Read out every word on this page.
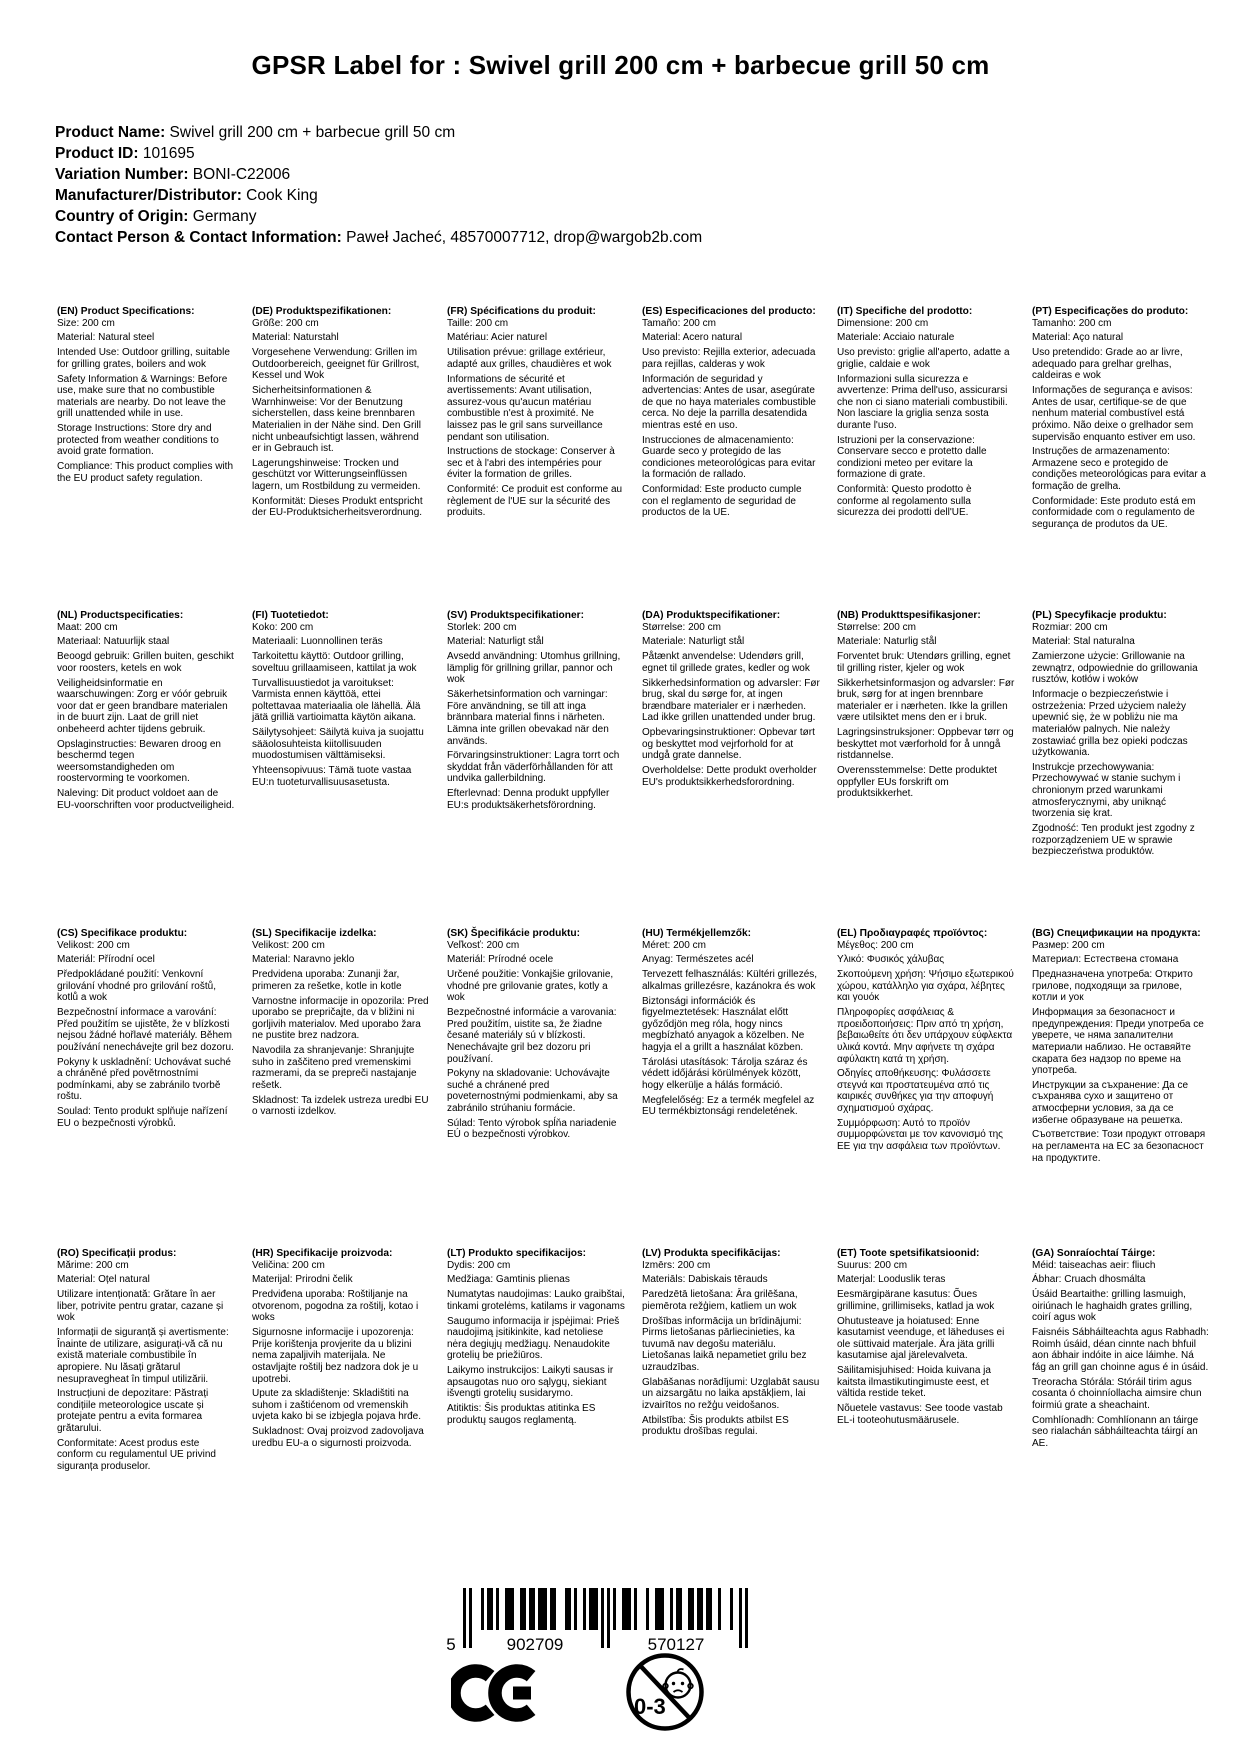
GPSR Label for : Swivel grill 200 cm + barbecue grill 50 cm
Product Name: Swivel grill 200 cm + barbecue grill 50 cm
Product ID: 101695
Variation Number: BONI-C22006
Manufacturer/Distributor: Cook King
Country of Origin: Germany
Contact Person & Contact Information: Paweł Jacheć, 48570007712, drop@wargob2b.com
(EN) Product Specifications:

Size: 200 cm

Material: Natural steel

Intended Use: Outdoor grilling, suitable for grilling grates, boilers and wok

Safety Information & Warnings: Before use, make sure that no combustible materials are nearby. Do not leave the grill unattended while in use.

Storage Instructions: Store dry and protected from weather conditions to avoid grate formation.

Compliance: This product complies with the EU product safety regulation.

(DE) Produktspezifikationen:

Größe: 200 cm

Material: Naturstahl

Vorgesehene Verwendung: Grillen im Outdoorbereich, geeignet für Grillrost, Kessel und Wok

Sicherheitsinformationen & Warnhinweise: Vor der Benutzung sicherstellen, dass keine brennbaren Materialien in der Nähe sind. Den Grill nicht unbeaufsichtigt lassen, während er in Gebrauch ist.

Lagerungshinweise: Trocken und geschützt vor Witterungseinflüssen lagern, um Rostbildung zu vermeiden.

Konformität: Dieses Produkt entspricht der EU-Produktsicherheitsverordnung.

(FR) Spécifications du produit:

Taille: 200 cm

Matériau: Acier naturel

Utilisation prévue: grillage extérieur, adapté aux grilles, chaudières et wok

Informations de sécurité et avertissements: Avant utilisation, assurez-vous qu'aucun matériau combustible n'est à proximité. Ne laissez pas le gril sans surveillance pendant son utilisation.

Instructions de stockage: Conserver à sec et à l'abri des intempéries pour éviter la formation de grilles.

Conformité: Ce produit est conforme au règlement de l'UE sur la sécurité des produits.

(ES) Especificaciones del producto:

Tamaño: 200 cm

Material: Acero natural

Uso previsto: Rejilla exterior, adecuada para rejillas, calderas y wok

Información de seguridad y advertencias: Antes de usar, asegúrate de que no haya materiales combustible cerca. No deje la parrilla desatendida mientras esté en uso.

Instrucciones de almacenamiento: Guarde seco y protegido de las condiciones meteorológicas para evitar la formación de rallado.

Conformidad: Este producto cumple con el reglamento de seguridad de productos de la UE.

(IT) Specifiche del prodotto:

Dimensione: 200 cm

Materiale: Acciaio naturale

Uso previsto: griglie all'aperto, adatte a griglie, caldaie e wok

Informazioni sulla sicurezza e avvertenze: Prima dell'uso, assicurarsi che non ci siano materiali combustibili. Non lasciare la griglia senza sosta durante l'uso.

Istruzioni per la conservazione: Conservare secco e protetto dalle condizioni meteo per evitare la formazione di grate.

Conformità: Questo prodotto è conforme al regolamento sulla sicurezza dei prodotti dell'UE.

(PT) Especificações do produto:

Tamanho: 200 cm

Material: Aço natural

Uso pretendido: Grade ao ar livre, adequado para grelhar grelhas, caldeiras e wok

Informações de segurança e avisos: Antes de usar, certifique-se de que nenhum material combustível está próximo. Não deixe o grelhador sem supervisão enquanto estiver em uso.

Instruções de armazenamento: Armazene seco e protegido de condições meteorológicas para evitar a formação de grelha.

Conformidade: Este produto está em conformidade com o regulamento de segurança de produtos da UE.

(NL) Productspecificaties:

Maat: 200 cm

Materiaal: Natuurlijk staal

Beoogd gebruik: Grillen buiten, geschikt voor roosters, ketels en wok

Veiligheidsinformatie en waarschuwingen: Zorg er vóór gebruik voor dat er geen brandbare materialen in de buurt zijn. Laat de grill niet onbeheerd achter tijdens gebruik.

Opslaginstructies: Bewaren droog en beschermd tegen weersomstandigheden om roostervorming te voorkomen.

Naleving: Dit product voldoet aan de EU-voorschriften voor productveiligheid.

(FI) Tuotetiedot:

Koko: 200 cm

Materiaali: Luonnollinen teräs

Tarkoitettu käyttö: Outdoor grilling, soveltuu grillaamiseen, kattilat ja wok

Turvallisuustiedot ja varoitukset: Varmista ennen käyttöä, ettei poltettavaa materiaalia ole lähellä. Älä jätä grilliä vartioimatta käytön aikana.

Säilytysohjeet: Säilytä kuiva ja suojattu sääolosuhteista kiitollisuuden muodostumisen välttämiseksi.

Yhteensopivuus: Tämä tuote vastaa EU:n tuoteturvallisuusasetusta.

(SV) Produktspecifikationer:

Storlek: 200 cm

Material: Naturligt stål

Avsedd användning: Utomhus grillning, lämplig för grillning grillar, pannor och wok

Säkerhetsinformation och varningar: Före användning, se till att inga brännbara material finns i närheten. Lämna inte grillen obevakad när den används.

Förvaringsinstruktioner: Lagra torrt och skyddat från väderförhållanden för att undvika gallerbildning.

Efterlevnad: Denna produkt uppfyller EU:s produktsäkerhetsförordning.

(DA) Produktspecifikationer:

Størrelse: 200 cm

Materiale: Naturligt stål

Påtænkt anvendelse: Udendørs grill, egnet til grillede grates, kedler og wok

Sikkerhedsinformation og advarsler: Før brug, skal du sørge for, at ingen brændbare materialer er i nærheden. Lad ikke grillen unattended under brug.

Opbevaringsinstruktioner: Opbevar tørt og beskyttet mod vejrforhold for at undgå grate dannelse.

Overholdelse: Dette produkt overholder EU's produktsikkerhedsforordning.

(NB) Produkttspesifikasjoner:

Størrelse: 200 cm

Materiale: Naturlig stål

Forventet bruk: Utendørs grilling, egnet til grilling rister, kjeler og wok

Sikkerhetsinformasjon og advarsler: Før bruk, sørg for at ingen brennbare materialer er i nærheten. Ikke la grillen være utilsiktet mens den er i bruk.

Lagringsinstruksjoner: Oppbevar tørr og beskyttet mot værforhold for å unngå ristdannelse.

Overensstemmelse: Dette produktet oppfyller EUs forskrift om produktsikkerhet.

(PL) Specyfikacje produktu:

Rozmiar: 200 cm

Materiał: Stal naturalna

Zamierzone użycie: Grillowanie na zewnątrz, odpowiednie do grillowania rusztów, kotłów i woków

Informacje o bezpieczeństwie i ostrzeżenia: Przed użyciem należy upewnić się, że w pobliżu nie ma materiałów palnych. Nie należy zostawiać grilla bez opieki podczas użytkowania.

Instrukcje przechowywania: Przechowywać w stanie suchym i chronionym przed warunkami atmosferycznymi, aby uniknąć tworzenia się krat.

Zgodność: Ten produkt jest zgodny z rozporządzeniem UE w sprawie bezpieczeństwa produktów.

(CS) Specifikace produktu:

Velikost: 200 cm

Materiál: Přírodní ocel

Předpokládané použití: Venkovní grilování vhodné pro grilování roštů, kotlů a wok

Bezpečnostní informace a varování: Před použitím se ujistěte, že v blízkosti nejsou žádné hořlavé materiály. Během používání nenechávejte gril bez dozoru.

Pokyny k uskladnění: Uchovávat suché a chráněné před povětrnostními podmínkami, aby se zabránilo tvorbě roštu.

Soulad: Tento produkt splňuje nařízení EU o bezpečnosti výrobků.

(SL) Specifikacije izdelka:

Velikost: 200 cm

Material: Naravno jeklo

Predvidena uporaba: Zunanji žar, primeren za rešetke, kotle in kotle

Varnostne informacije in opozorila: Pred uporabo se prepričajte, da v bližini ni gorljivih materialov. Med uporabo žara ne pustite brez nadzora.

Navodila za shranjevanje: Shranjujte suho in zaščiteno pred vremenskimi razmerami, da se prepreči nastajanje rešetk.

Skladnost: Ta izdelek ustreza uredbi EU o varnosti izdelkov.

(SK) Špecifikácie produktu:

Veľkosť: 200 cm

Materiál: Prírodné ocele

Určené použitie: Vonkajšie grilovanie, vhodné pre grilovanie grates, kotly a wok

Bezpečnostné informácie a varovania: Pred použitím, uistite sa, že žiadne česané materiály sú v blízkosti. Nenechávajte gril bez dozoru pri používaní.

Pokyny na skladovanie: Uchovávajte suché a chránené pred poveternostnými podmienkami, aby sa zabránilo strúhaniu formácie.

Súlad: Tento výrobok spĺňa nariadenie EÚ o bezpečnosti výrobkov.

(HU) Termékjellemzők:

Méret: 200 cm

Anyag: Természetes acél

Tervezett felhasználás: Kültéri grillezés, alkalmas grillezésre, kazánokra és wok

Biztonsági információk és figyelmeztetések: Használat előtt győződjön meg róla, hogy nincs megbízható anyagok a közelben. Ne hagyja el a grillt a használat közben.

Tárolási utasítások: Tárolja száraz és védett időjárási körülmények között, hogy elkerülje a hálás formáció.

Megfelelőség: Ez a termék megfelel az EU termékbiztonsági rendeletének.

(EL) Προδιαγραφές προϊόντος:

Μέγεθος: 200 cm

Υλικό: Φυσικός χάλυβας

Σκοπούμενη χρήση: Ψήσιμο εξωτερικού χώρου, κατάλληλο για σχάρα, λέβητες και γουόκ

Πληροφορίες ασφάλειας & προειδοποιήσεις: Πριν από τη χρήση, βεβαιωθείτε ότι δεν υπάρχουν εύφλεκτα υλικά κοντά. Μην αφήνετε τη σχάρα αφύλακτη κατά τη χρήση.

Οδηγίες αποθήκευσης: Φυλάσσετε στεγνά και προστατευμένα από τις καιρικές συνθήκες για την αποφυγή σχηματισμού σχάρας.

Συμμόρφωση: Αυτό το προϊόν συμμορφώνεται με τον κανονισμό της ΕΕ για την ασφάλεια των προϊόντων.

(BG) Спецификации на продукта:

Размер: 200 cm

Материал: Естествена стомана

Предназначена употреба: Открито грилове, подходящи за грилове, котли и уок

Информация за безопасност и предупреждения: Преди употреба се уверете, че няма запалителни материали наблизо. Не оставяйте скарата без надзор по време на употреба.

Инструкции за съхранение: Да се съхранява сухо и защитено от атмосферни условия, за да се избегне образуване на решетка.

Съответствие: Този продукт отговаря на регламента на ЕС за безопасност на продуктите.

(RO) Specificații produs:

Mărime: 200 cm

Material: Oțel natural

Utilizare intenționată: Grătare în aer liber, potrivite pentru gratar, cazane și wok

Informații de siguranță și avertismente: Înainte de utilizare, asigurați-vă că nu există materiale combustibile în apropiere. Nu lăsați grătarul nesupravegheat în timpul utilizării.

Instrucțiuni de depozitare: Păstrați condițiile meteorologice uscate și protejate pentru a evita formarea grătarului.

Conformitate: Acest produs este conform cu regulamentul UE privind siguranța produselor.

(HR) Specifikacije proizvoda:

Veličina: 200 cm

Materijal: Prirodni čelik

Predviđena uporaba: Roštiljanje na otvorenom, pogodna za roštilj, kotao i woks

Sigurnosne informacije i upozorenja: Prije korištenja provjerite da u blizini nema zapaljivih materijala. Ne ostavljajte roštilj bez nadzora dok je u upotrebi.

Upute za skladištenje: Skladištiti na suhom i zaštićenom od vremenskih uvjeta kako bi se izbjegla pojava hrđe.

Sukladnost: Ovaj proizvod zadovoljava uredbu EU-a o sigurnosti proizvoda.

(LT) Produkto specifikacijos:

Dydis: 200 cm

Medžiaga: Gamtinis plienas

Numatytas naudojimas: Lauko graibštai, tinkami grotelėms, katilams ir vagonams

Saugumo informacija ir įspėjimai: Prieš naudojimą įsitikinkite, kad netoliese nėra degiųjų medžiagų. Nenaudokite grotelių be priežiūros.

Laikymo instrukcijos: Laikyti sausas ir apsaugotas nuo oro sąlygų, siekiant išvengti grotelių susidarymo.

Atitiktis: Šis produktas atitinka ES produktų saugos reglamentą.

(LV) Produkta specifikācijas:

Izmērs: 200 cm

Materiāls: Dabiskais tērauds

Paredzētā lietošana: Āra grilēšana, piemērota režģiem, katliem un wok

Drošības informācija un brīdinājumi: Pirms lietošanas pārliecinieties, ka tuvumā nav degošu materiālu. Lietošanas laikā nepametiet grilu bez uzraudzības.

Glabāšanas norādījumi: Uzglabāt sausu un aizsargātu no laika apstākļiem, lai izvairītos no režģu veidošanos.

Atbilstība: Šis produkts atbilst ES produktu drošības regulai.

(ET) Toote spetsifikatsioonid:

Suurus: 200 cm

Materjal: Looduslik teras

Eesmärgipärane kasutus: Õues grillimine, grillimiseks, katlad ja wok

Ohutusteave ja hoiatused: Enne kasutamist veenduge, et läheduses ei ole süttivaid materjale. Ära jäta grilli kasutamise ajal järelevalveta.

Säilitamisjuhised: Hoida kuivana ja kaitsta ilmastikutingimuste eest, et vältida restide teket.

Nõuetele vastavus: See toode vastab EL-i tooteohutusmäärusele.

(GA) Sonraíochtaí Táirge:

Méid: taiseachas aeir: fliuch

Ábhar: Cruach dhosmálta

Úsáid Beartaithe: grilling lasmuigh, oiriúnach le haghaidh grates grilling, coirí agus wok

Faisnéis Sábháilteachta agus Rabhadh: Roimh úsáid, déan cinnte nach bhfuil aon ábhair indóite in aice láimhe. Ná fág an grill gan choinne agus é in úsáid.

Treoracha Stórála: Stóráil tirim agus cosanta ó choinníollacha aimsire chun foirmiú grate a sheachaint.

Comhlíonadh: Comhlíonann an táirge seo rialachán sábháilteachta táirgí an AE.

5	902709	570127
0-3
